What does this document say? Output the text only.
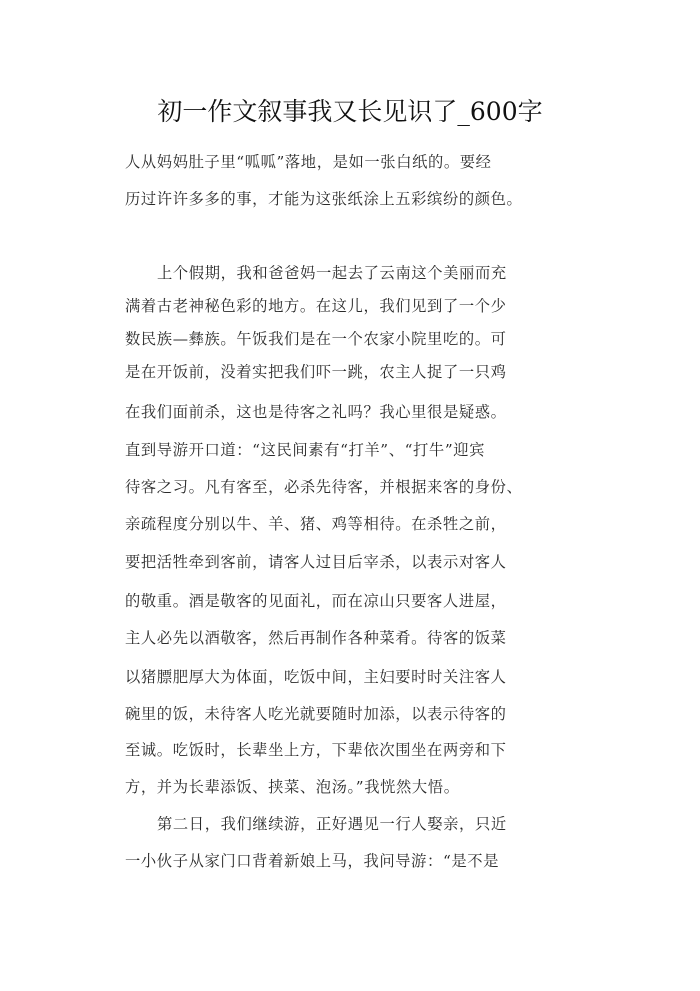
初一作文叙事我又长见识了_600字
人从妈妈肚子里“呱呱”落地，是如一张白纸的。要经
历过许许多多的事，才能为这张纸涂上五彩缤纷的颜色。
上个假期，我和爸爸妈一起去了云南这个美丽而充
满着古老神秘色彩的地方。在这儿，我们见到了一个少
数民族—彝族。午饭我们是在一个农家小院里吃的。可
是在开饭前，没着实把我们吓一跳，农主人捉了一只鸡
在我们面前杀，这也是待客之礼吗？我心里很是疑惑。
直到导游开口道：“这民间素有“打羊”、“打牛”迎宾
待客之习。凡有客至，必杀先待客，并根据来客的身份、
亲疏程度分别以牛、羊、猪、鸡等相待。在杀牲之前，
要把活牲牵到客前，请客人过目后宰杀，以表示对客人
的敬重。酒是敬客的见面礼，而在凉山只要客人进屋，
主人必先以酒敬客，然后再制作各种菜肴。待客的饭菜
以猪膘肥厚大为体面，吃饭中间，主妇要时时关注客人
碗里的饭，未待客人吃光就要随时加添，以表示待客的
至诚。吃饭时，长辈坐上方，下辈依次围坐在两旁和下
方，并为长辈添饭、挟菜、泡汤。”我恍然大悟。
第二日，我们继续游，正好遇见一行人娶亲，只近
一小伙子从家门口背着新娘上马，我问导游：“是不是
